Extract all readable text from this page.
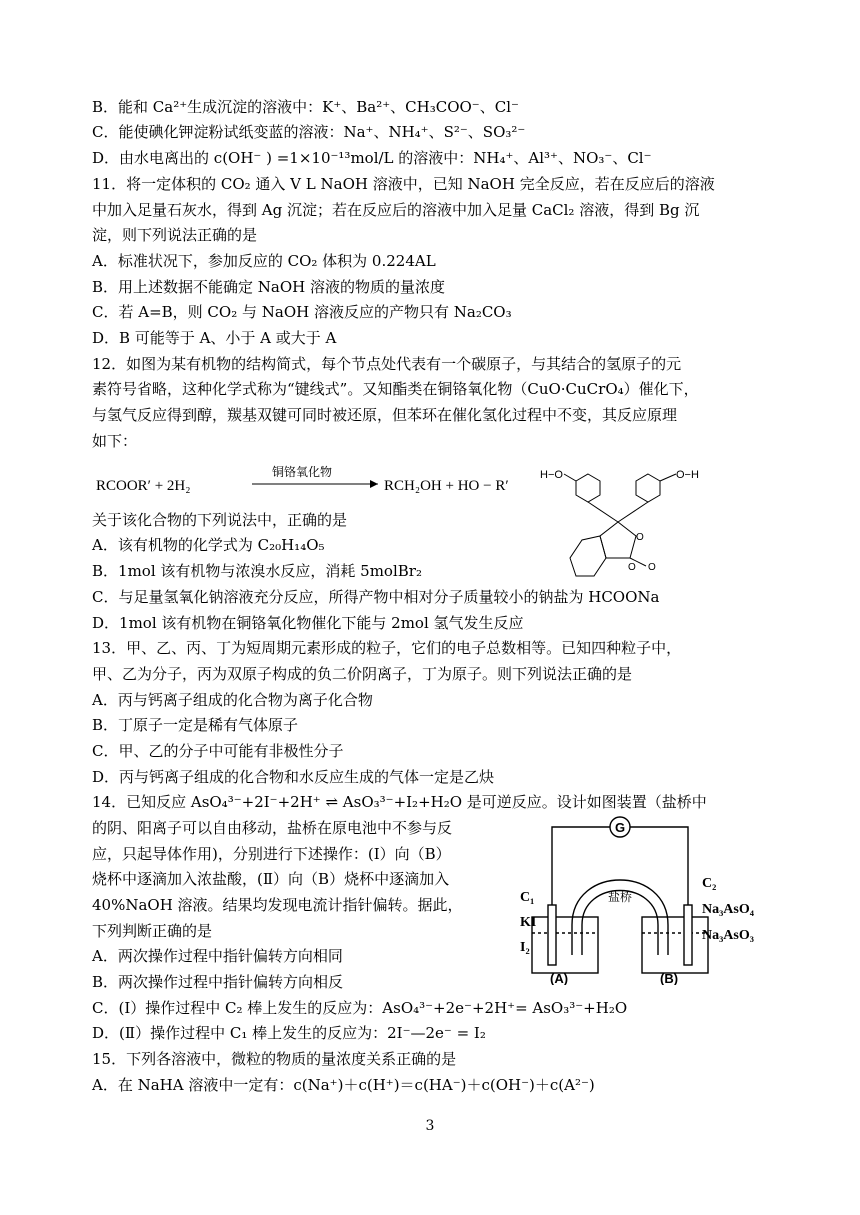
B．能和 Ca²⁺生成沉淀的溶液中：K⁺、Ba²⁺、CH₃COO⁻、Cl⁻
C．能使碘化钾淀粉试纸变蓝的溶液：Na⁺、NH₄⁺、S²⁻、SO₃²⁻
D．由水电离出的 c(OH⁻ ) =1×10⁻¹³mol/L 的溶液中：NH₄⁺、Al³⁺、NO₃⁻、Cl⁻
11．将一定体积的 CO₂ 通入 V L NaOH 溶液中，已知 NaOH 完全反应，若在反应后的溶液
中加入足量石灰水，得到 Ag 沉淀；若在反应后的溶液中加入足量 CaCl₂ 溶液，得到 Bg 沉
淀，则下列说法正确的是
A．标准状况下，参加反应的 CO₂ 体积为 0.224AL
B．用上述数据不能确定 NaOH 溶液的物质的量浓度
C．若 A=B，则 CO₂ 与 NaOH 溶液反应的产物只有 Na₂CO₃
D．B 可能等于 A、小于 A 或大于 A
12．如图为某有机物的结构简式，每个节点处代表有一个碳原子，与其结合的氢原子的元
素符号省略，这种化学式称为“键线式”。又知酯类在铜铬氧化物（CuO·CuCrO₄）催化下，
与氢气反应得到醇，羰基双键可同时被还原，但苯环在催化氢化过程中不变，其反应原理
如下：
关于该化合物的下列说法中，正确的是
A．该有机物的化学式为 C₂₀H₁₄O₅
B．1mol 该有机物与浓溴水反应，消耗 5molBr₂
C．与足量氢氧化钠溶液充分反应，所得产物中相对分子质量较小的钠盐为 HCOONa
D．1mol 该有机物在铜铬氧化物催化下能与 2mol 氢气发生反应
13．甲、乙、丙、丁为短周期元素形成的粒子，它们的电子总数相等。已知四种粒子中，
甲、乙为分子，丙为双原子构成的负二价阴离子，丁为原子。则下列说法正确的是
A．丙与钙离子组成的化合物为离子化合物
B．丁原子一定是稀有气体原子
C．甲、乙的分子中可能有非极性分子
D．丙与钙离子组成的化合物和水反应生成的气体一定是乙炔
14．已知反应 AsO₄³⁻+2I⁻+2H⁺ ⇌ AsO₃³⁻+I₂+H₂O 是可逆反应。设计如图装置（盐桥中
的阴、阳离子可以自由移动，盐桥在原电池中不参与反
应，只起导体作用)，分别进行下述操作：(Ⅰ）向（B）
烧杯中逐滴加入浓盐酸，(Ⅱ）向（B）烧杯中逐滴加入
40%NaOH 溶液。结果均发现电流计指针偏转。据此，
下列判断正确的是
A．两次操作过程中指针偏转方向相同
B．两次操作过程中指针偏转方向相反
C．(Ⅰ）操作过程中 C₂ 棒上发生的反应为：AsO₄³⁻+2e⁻+2H⁺= AsO₃³⁻+H₂O
D．(Ⅱ）操作过程中 C₁ 棒上发生的反应为：2I⁻—2e⁻ = I₂
15．下列各溶液中，微粒的物质的量浓度关系正确的是
A．在 NaHA 溶液中一定有：c(Na⁺)＋c(H⁺)＝c(HA⁻)＋c(OH⁻)＋c(A²⁻)
RCOOR′ + 2H₂
铜铬氧化物
RCH₂OH + HO − R′
H−O	O−H
O
O O
G
盐桥
C₁
KI
I₂
C₂
Na₃AsO₄
Na₃AsO₃
(A)	(B)
3
